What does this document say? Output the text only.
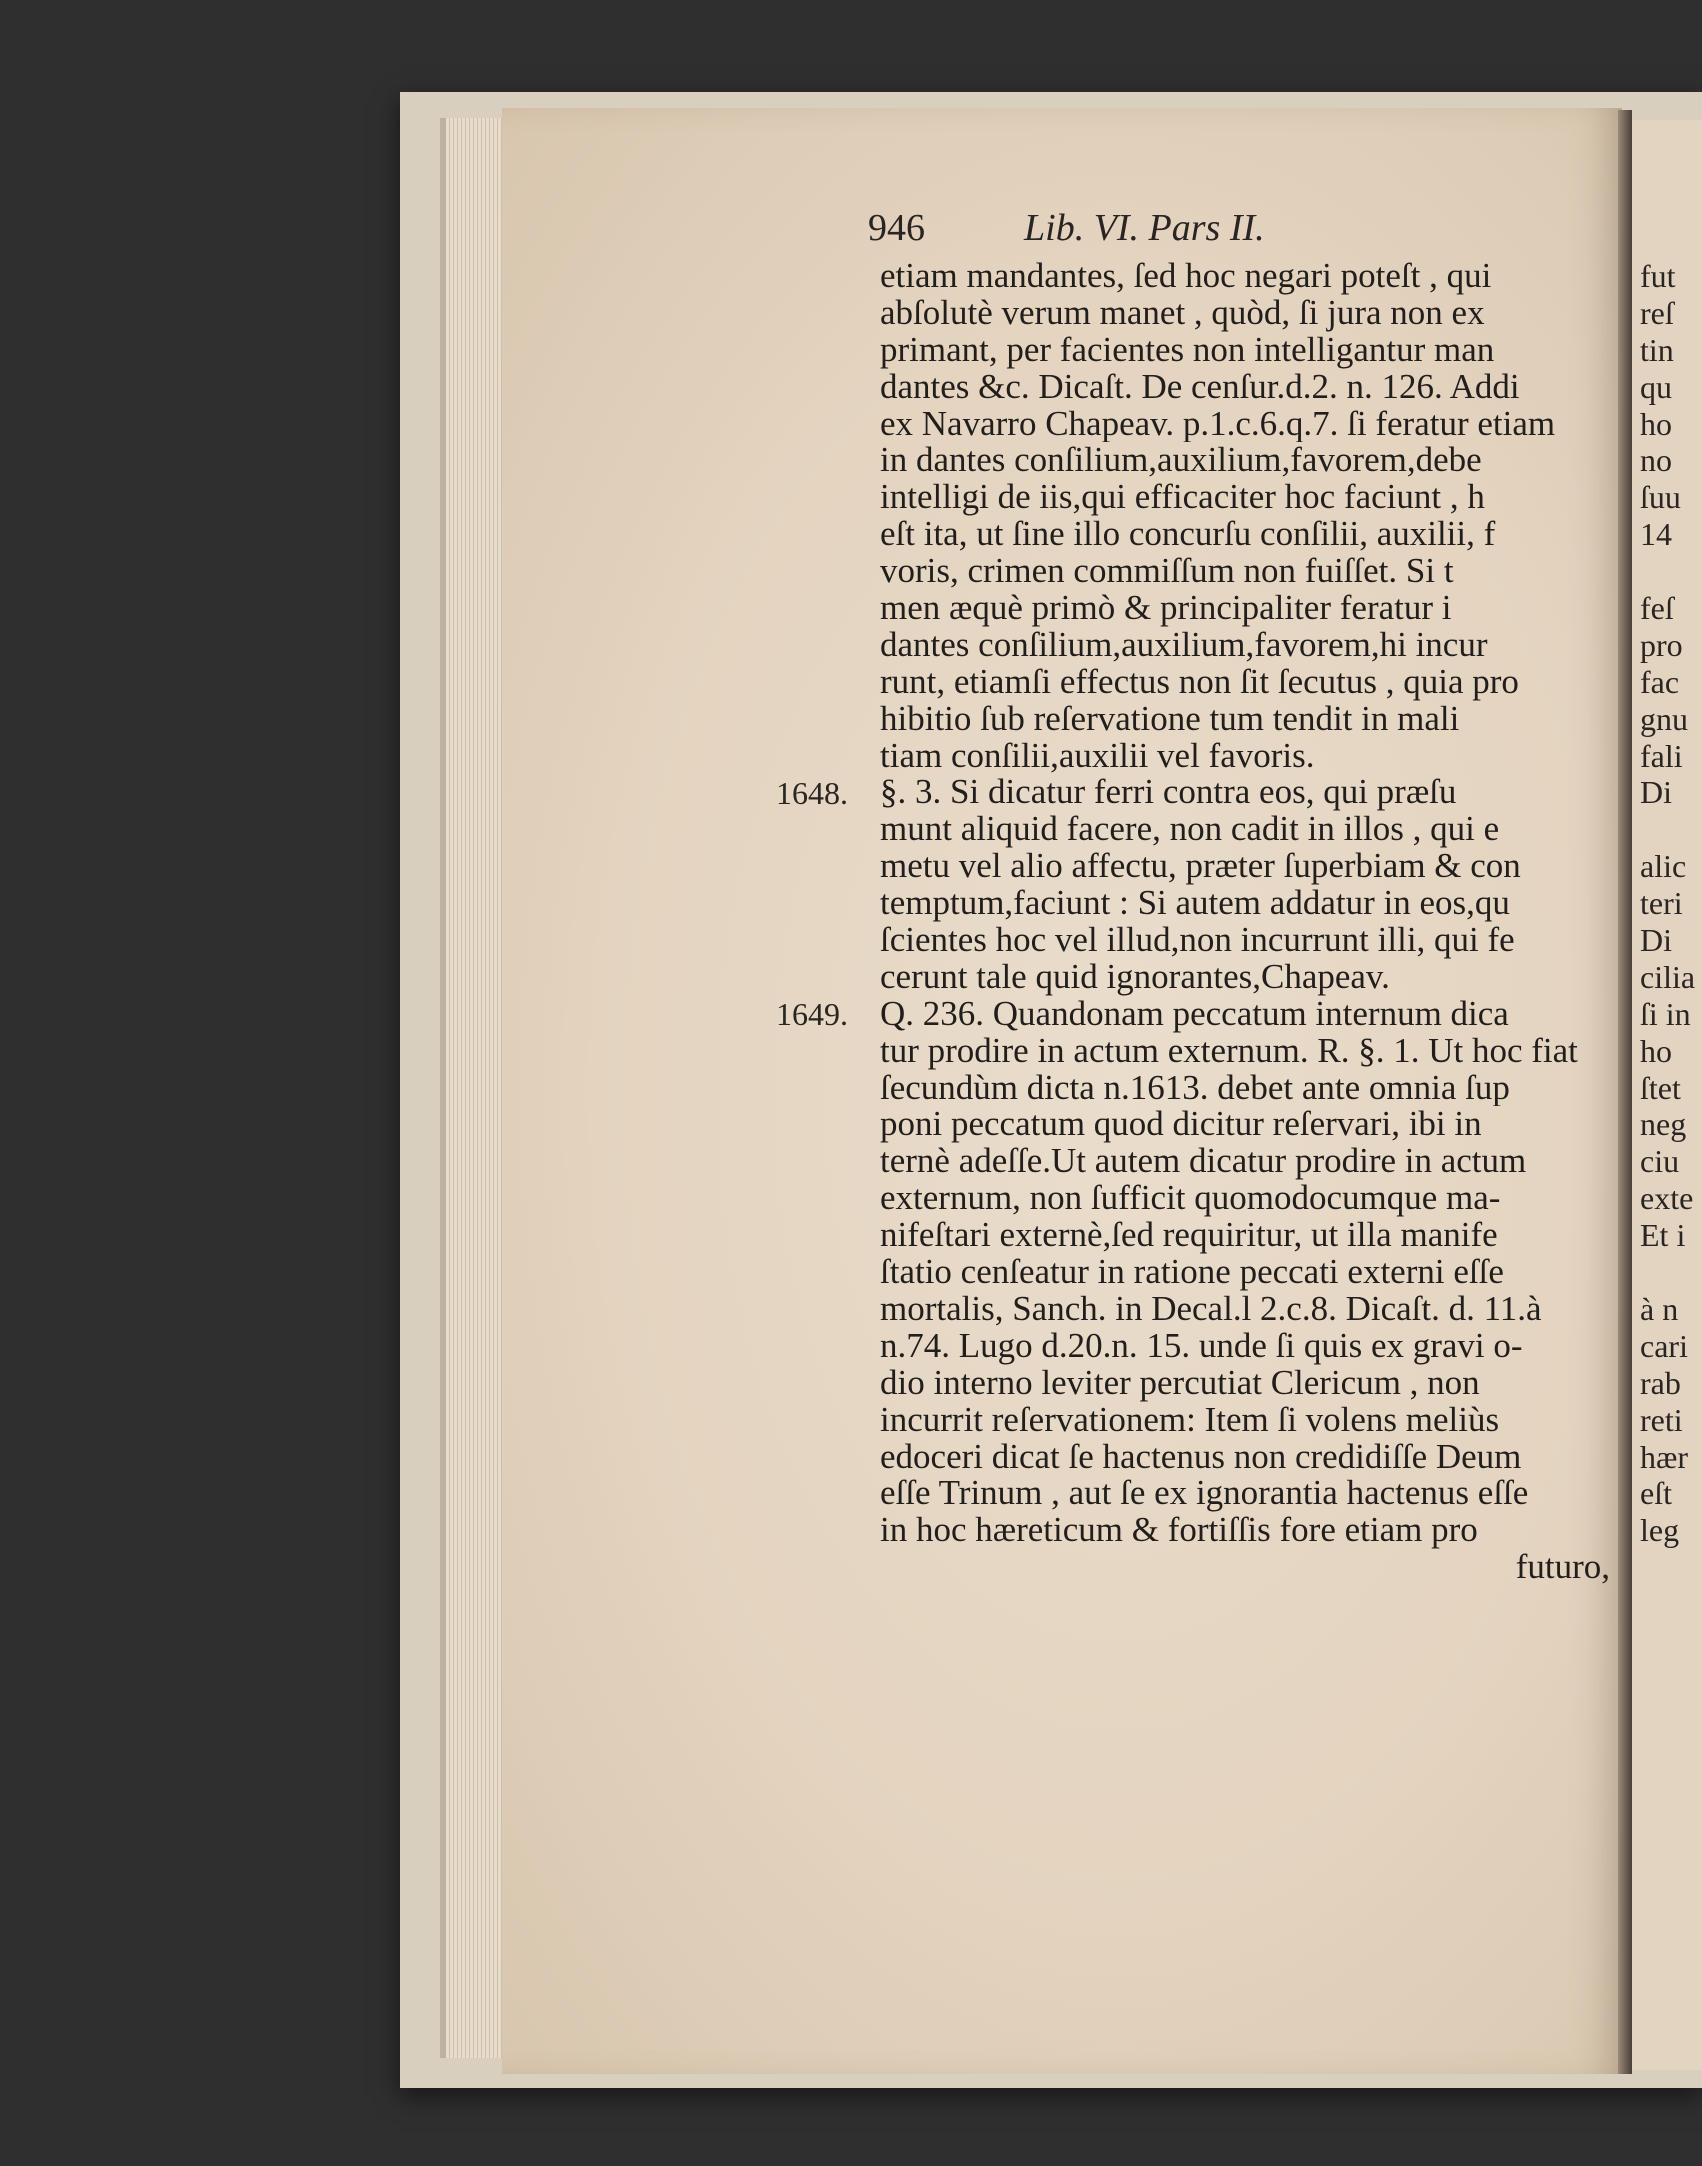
fut
reſ
tin
qu
ho
no
ſuu
14
feſ
pro
fac
gnu
fali
Di
alic
teri
Di
cilia
ſi in
ho
ſtet
neg
ciu
exte
Et i
à n
cari
rab
reti
hær
eſt
leg
946	Lib. VI. Pars II.
etiam mandantes, ſed hoc negari poteſt , qui
abſolutè verum manet , quòd, ſi jura non ex
primant, per facientes non intelligantur man
dantes &c. Dicaſt. De cenſur.d.2. n. 126. Addi
ex Navarro Chapeav. p.1.c.6.q.7. ſi feratur etiam
in dantes conſilium,auxilium,favorem,debe
intelligi de iis,qui efficaciter hoc faciunt , h
eſt ita, ut ſine illo concurſu conſilii, auxilii, f
voris, crimen commiſſum non fuiſſet. Si t
men æquè primò & principaliter feratur i
dantes conſilium,auxilium,favorem,hi incur
runt, etiamſi effectus non ſit ſecutus , quia pro
hibitio ſub reſervatione tum tendit in mali
tiam conſilii,auxilii vel favoris.
§. 3. Si dicatur ferri contra eos, qui præſu
munt aliquid facere, non cadit in illos , qui e
metu vel alio affectu, præter ſuperbiam & con
temptum,faciunt : Si autem addatur in eos,qu
ſcientes hoc vel illud,non incurrunt illi, qui fe
cerunt tale quid ignorantes,Chapeav.
Q. 236. Quandonam peccatum internum dica
tur prodire in actum externum. R. §. 1. Ut hoc fiat
ſecundùm dicta n.1613. debet ante omnia ſup
poni peccatum quod dicitur reſervari, ibi in
ternè adeſſe.Ut autem dicatur prodire in actum
externum, non ſufficit quomodocumque ma-
nifeſtari externè,ſed requiritur, ut illa manife
ſtatio cenſeatur in ratione peccati externi eſſe
mortalis, Sanch. in Decal.l 2.c.8. Dicaſt. d. 11.à
n.74. Lugo d.20.n. 15. unde ſi quis ex gravi o-
dio interno leviter percutiat Clericum , non
incurrit reſervationem: Item ſi volens meliùs
edoceri dicat ſe hactenus non credidiſſe Deum
eſſe Trinum , aut ſe ex ignorantia hactenus eſſe
in hoc hæreticum & fortiſſis fore etiam pro
futuro,
1648.
1649.
